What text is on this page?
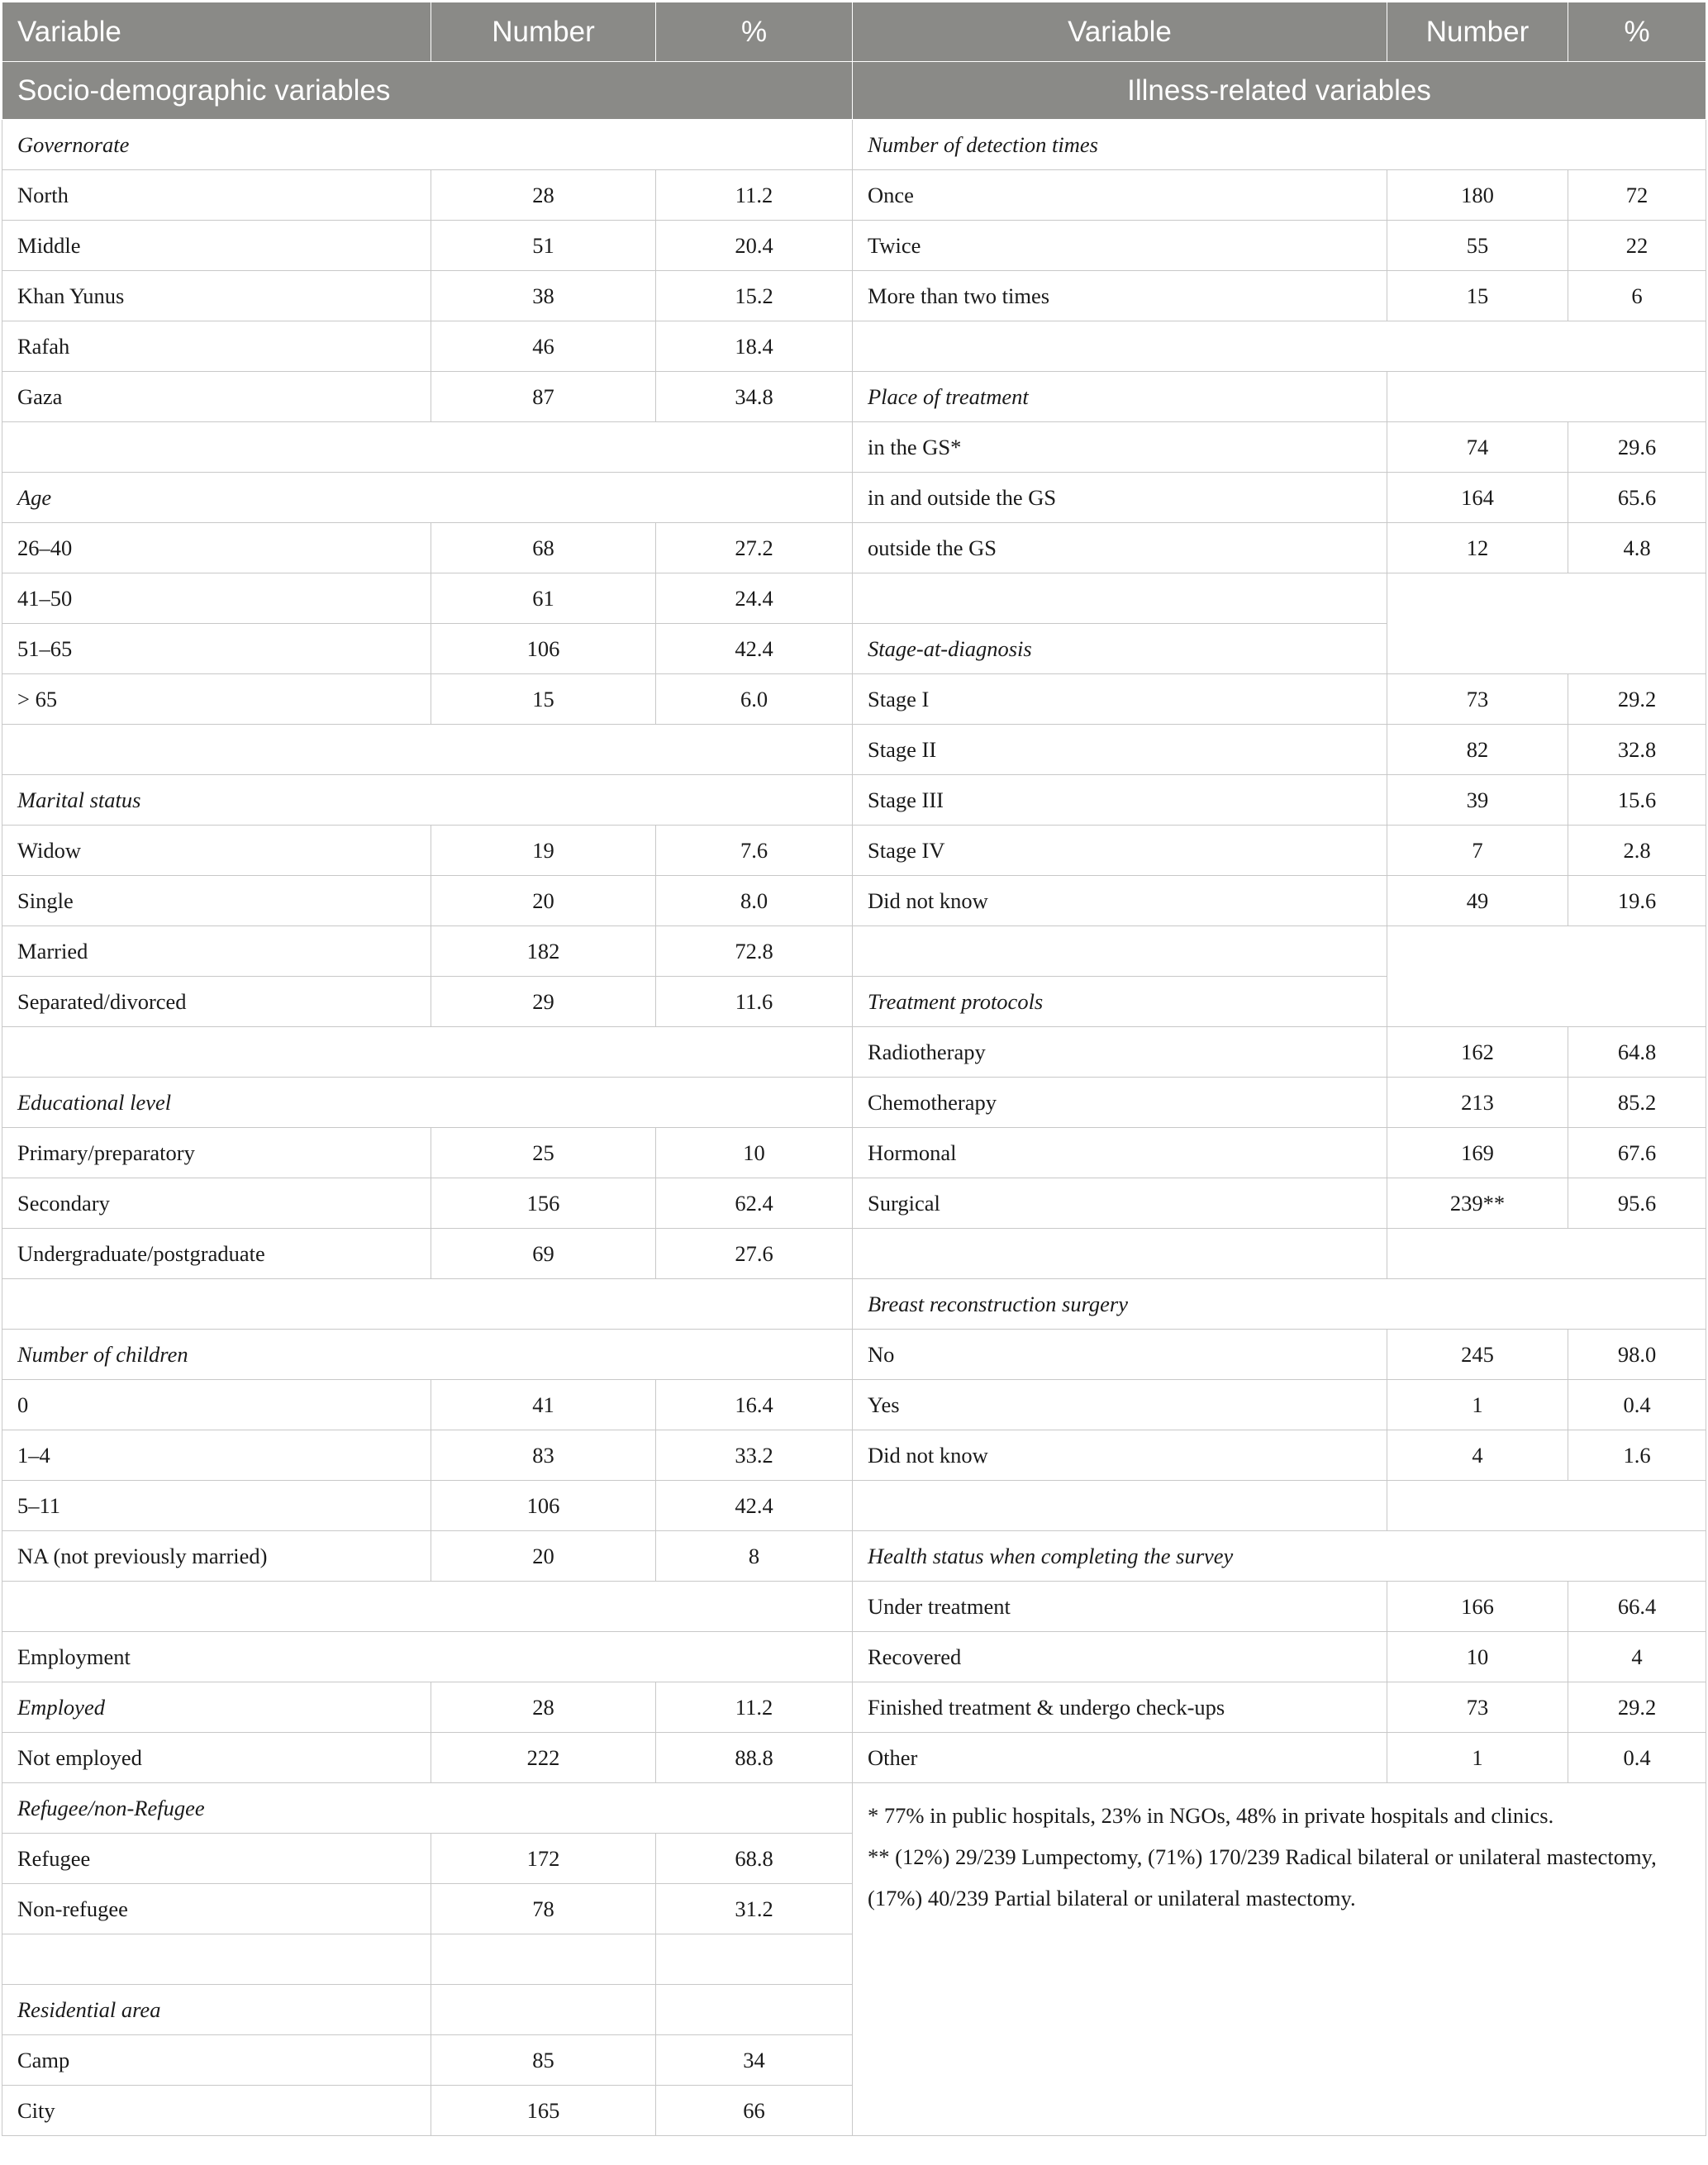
Variable	Number	%	Variable	Number	%
Socio-demographic variables			Illness-related variables		
Governorate			Number of detection times		
North	28	11.2	Once	180	72
Middle	51	20.4	Twice	55	22
Khan Yunus	38	15.2	More than two times	15	6
Rafah	46	18.4			
Gaza	87	34.8	Place of treatment		
			in the GS*	74	29.6
Age			in and outside the GS	164	65.6
26–40	68	27.2	outside the GS	12	4.8
41–50	61	24.4			
51–65	106	42.4	Stage-at-diagnosis		
> 65	15	6.0	Stage I	73	29.2
			Stage II	82	32.8
Marital status			Stage III	39	15.6
Widow	19	7.6	Stage IV	7	2.8
Single	20	8.0	Did not know	49	19.6
Married	182	72.8			
Separated/divorced	29	11.6	Treatment protocols		
			Radiotherapy	162	64.8
Educational level			Chemotherapy	213	85.2
Primary/preparatory	25	10	Hormonal	169	67.6
Secondary	156	62.4	Surgical	239**	95.6
Undergraduate/postgraduate	69	27.6			
			Breast reconstruction surgery		
Number of children			No	245	98.0
0	41	16.4	Yes	1	0.4
1–4	83	33.2	Did not know	4	1.6
5–11	106	42.4			
NA (not previously married)	20	8	Health status when completing the survey		
			Under treatment	166	66.4
Employment			Recovered	10	4
Employed	28	11.2	Finished treatment & undergo check-ups	73	29.2
Not employed	222	88.8	Other	1	0.4
Refugee/non-Refugee			* 77% in public hospitals, 23% in NGOs, 48% in private hospitals and clinics.
** (12%) 29/239 Lumpectomy, (71%) 170/239 Radical bilateral or unilateral mastectomy, (17%) 40/239 Partial bilateral or unilateral mastectomy.		

Refugee	172	68.8			
Non-refugee	78	31.2			

Residential area					
Camp	85	34			
City	165	66			
